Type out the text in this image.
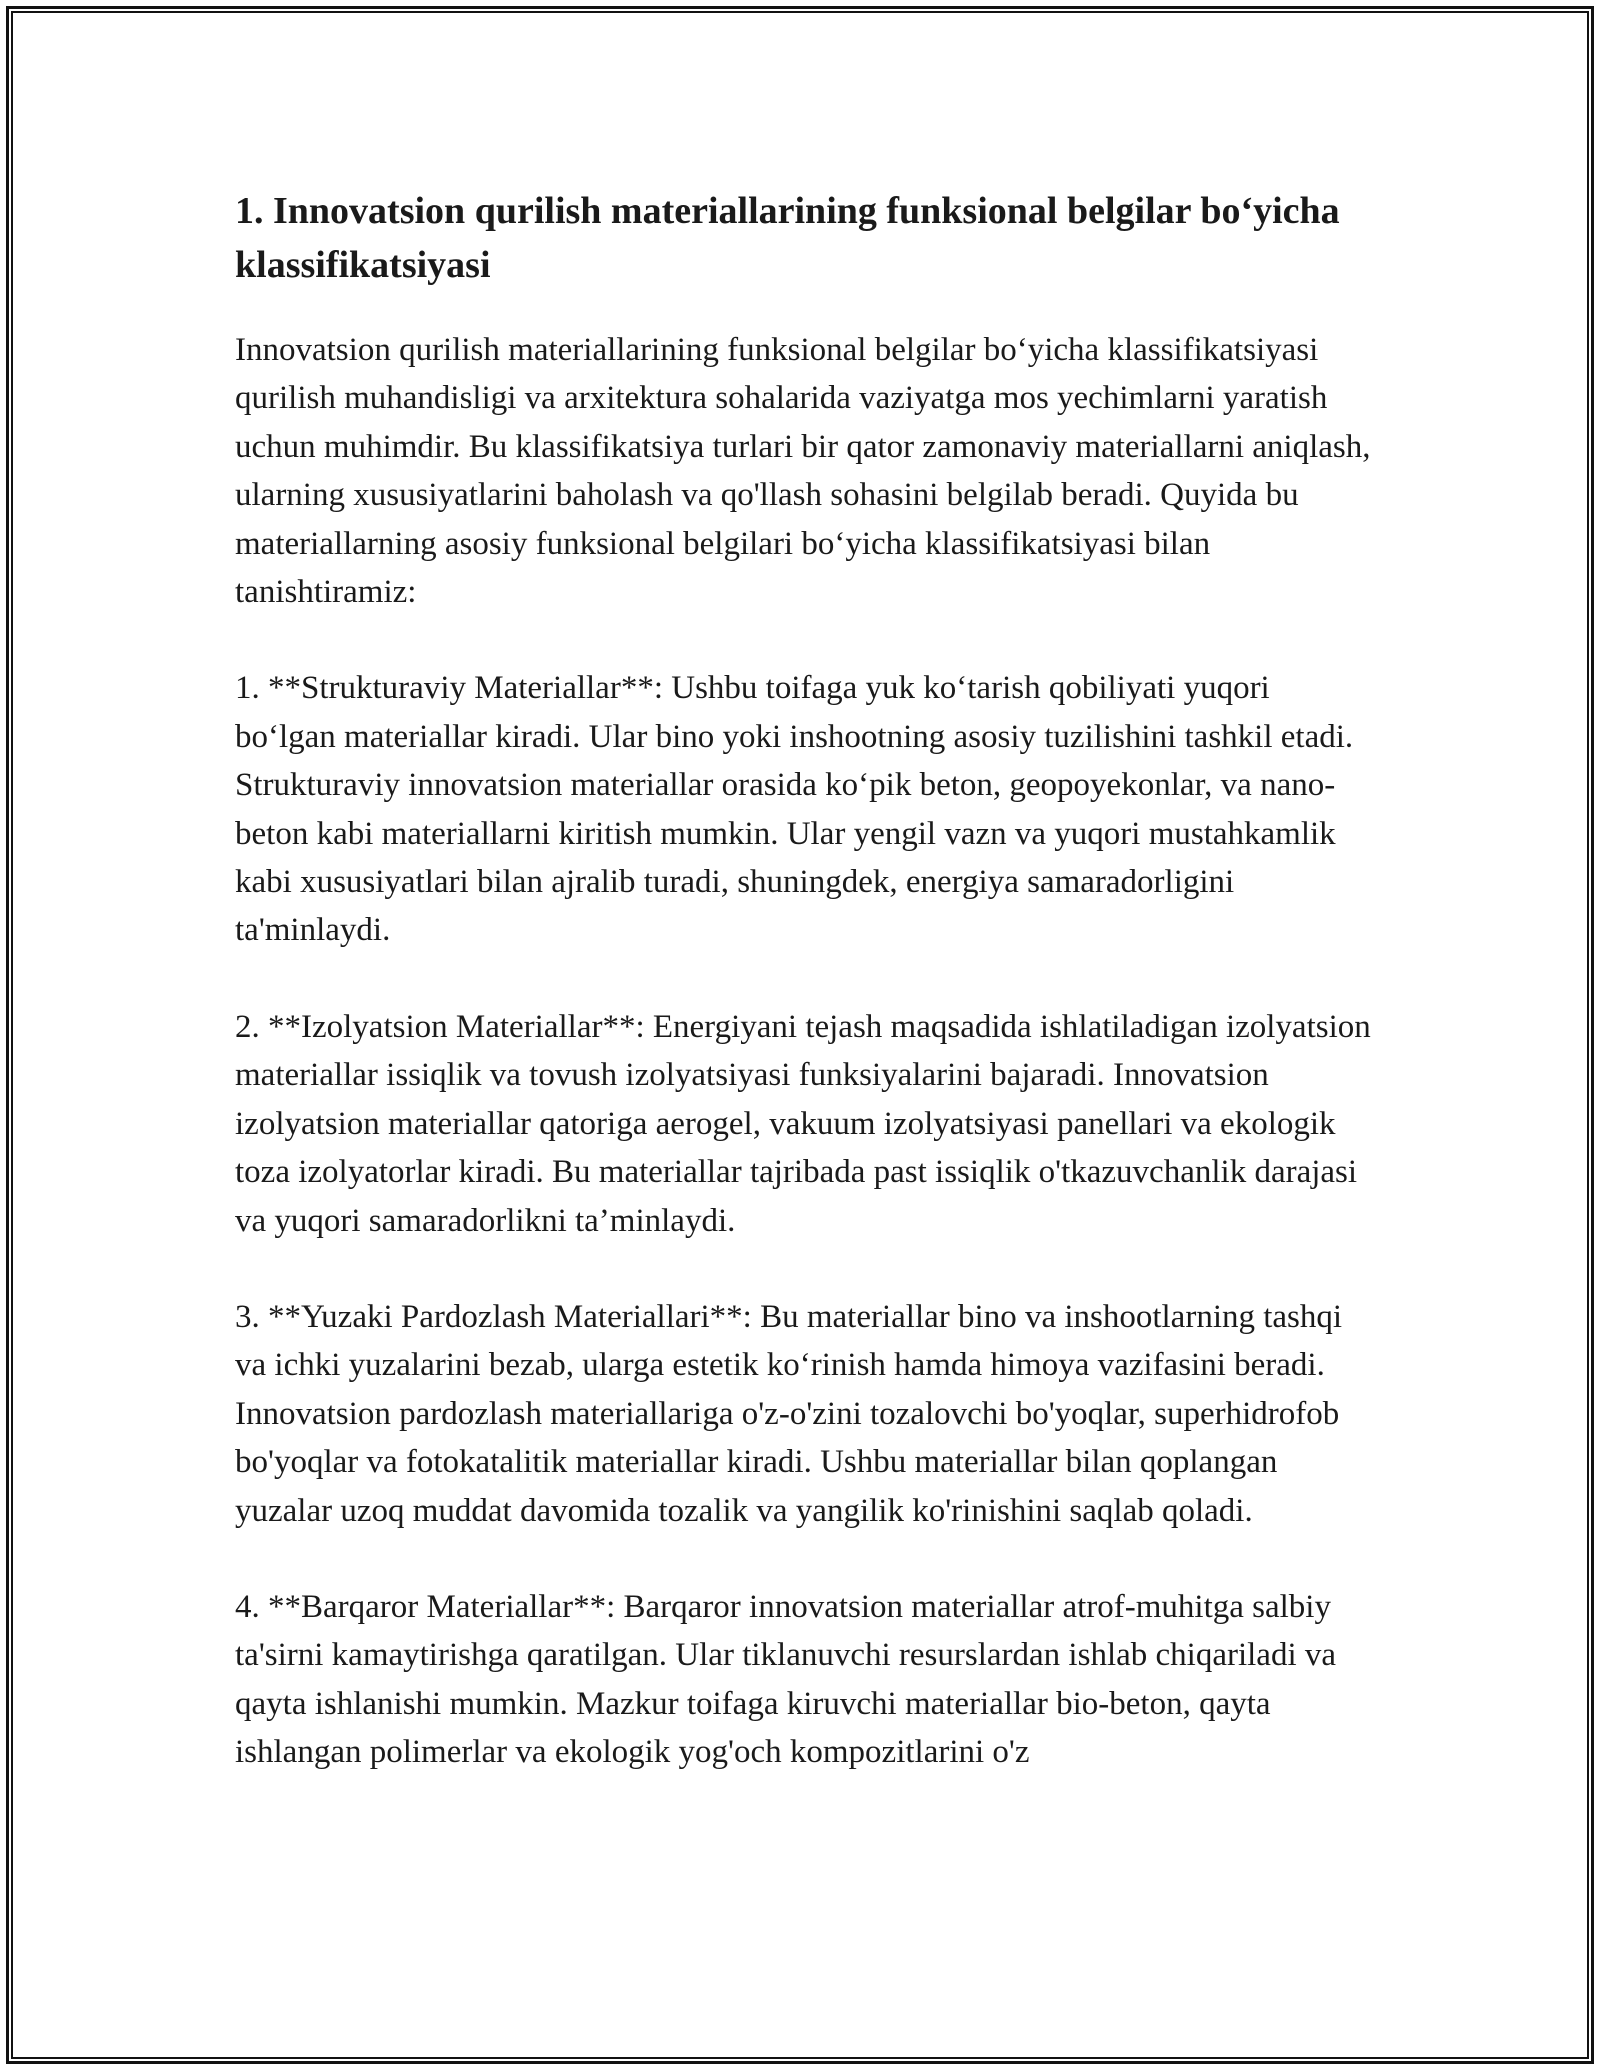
1. Innovatsion qurilish materiallarining funksional belgilar bo‘yicha klassifikatsiyasi

Innovatsion qurilish materiallarining funksional belgilar bo‘yicha klassifikatsiyasi qurilish muhandisligi va arxitektura sohalarida vaziyatga mos yechimlarni yaratish uchun muhimdir. Bu klassifikatsiya turlari bir qator zamonaviy materiallarni aniqlash, ularning xususiyatlarini baholash va qo'llash sohasini belgilab beradi. Quyida bu materiallarning asosiy funksional belgilari bo‘yicha klassifikatsiyasi bilan tanishtiramiz:

1. **Strukturaviy Materiallar**: Ushbu toifaga yuk ko‘tarish qobiliyati yuqori bo‘lgan materiallar kiradi. Ular bino yoki inshootning asosiy tuzilishini tashkil etadi. Strukturaviy innovatsion materiallar orasida ko‘pik beton, geopoyekonlar, va nano-beton kabi materiallarni kiritish mumkin. Ular yengil vazn va yuqori mustahkamlik kabi xususiyatlari bilan ajralib turadi, shuningdek, energiya samaradorligini ta'minlaydi.

2. **Izolyatsion Materiallar**: Energiyani tejash maqsadida ishlatiladigan izolyatsion materiallar issiqlik va tovush izolyatsiyasi funksiyalarini bajaradi. Innovatsion izolyatsion materiallar qatoriga aerogel, vakuum izolyatsiyasi panellari va ekologik toza izolyatorlar kiradi. Bu materiallar tajribada past issiqlik o'tkazuvchanlik darajasi va yuqori samaradorlikni ta’minlaydi.

3. **Yuzaki Pardozlash Materiallari**: Bu materiallar bino va inshootlarning tashqi va ichki yuzalarini bezab, ularga estetik ko‘rinish hamda himoya vazifasini beradi. Innovatsion pardozlash materiallariga o'z-o'zini tozalovchi bo'yoqlar, superhidrofob bo'yoqlar va fotokatalitik materiallar kiradi. Ushbu materiallar bilan qoplangan yuzalar uzoq muddat davomida tozalik va yangilik ko'rinishini saqlab qoladi.

4. **Barqaror Materiallar**: Barqaror innovatsion materiallar atrof-muhitga salbiy ta'sirni kamaytirishga qaratilgan. Ular tiklanuvchi resurslardan ishlab chiqariladi va qayta ishlanishi mumkin. Mazkur toifaga kiruvchi materiallar bio-beton, qayta ishlangan polimerlar va ekologik yog'och kompozitlarini o'z
